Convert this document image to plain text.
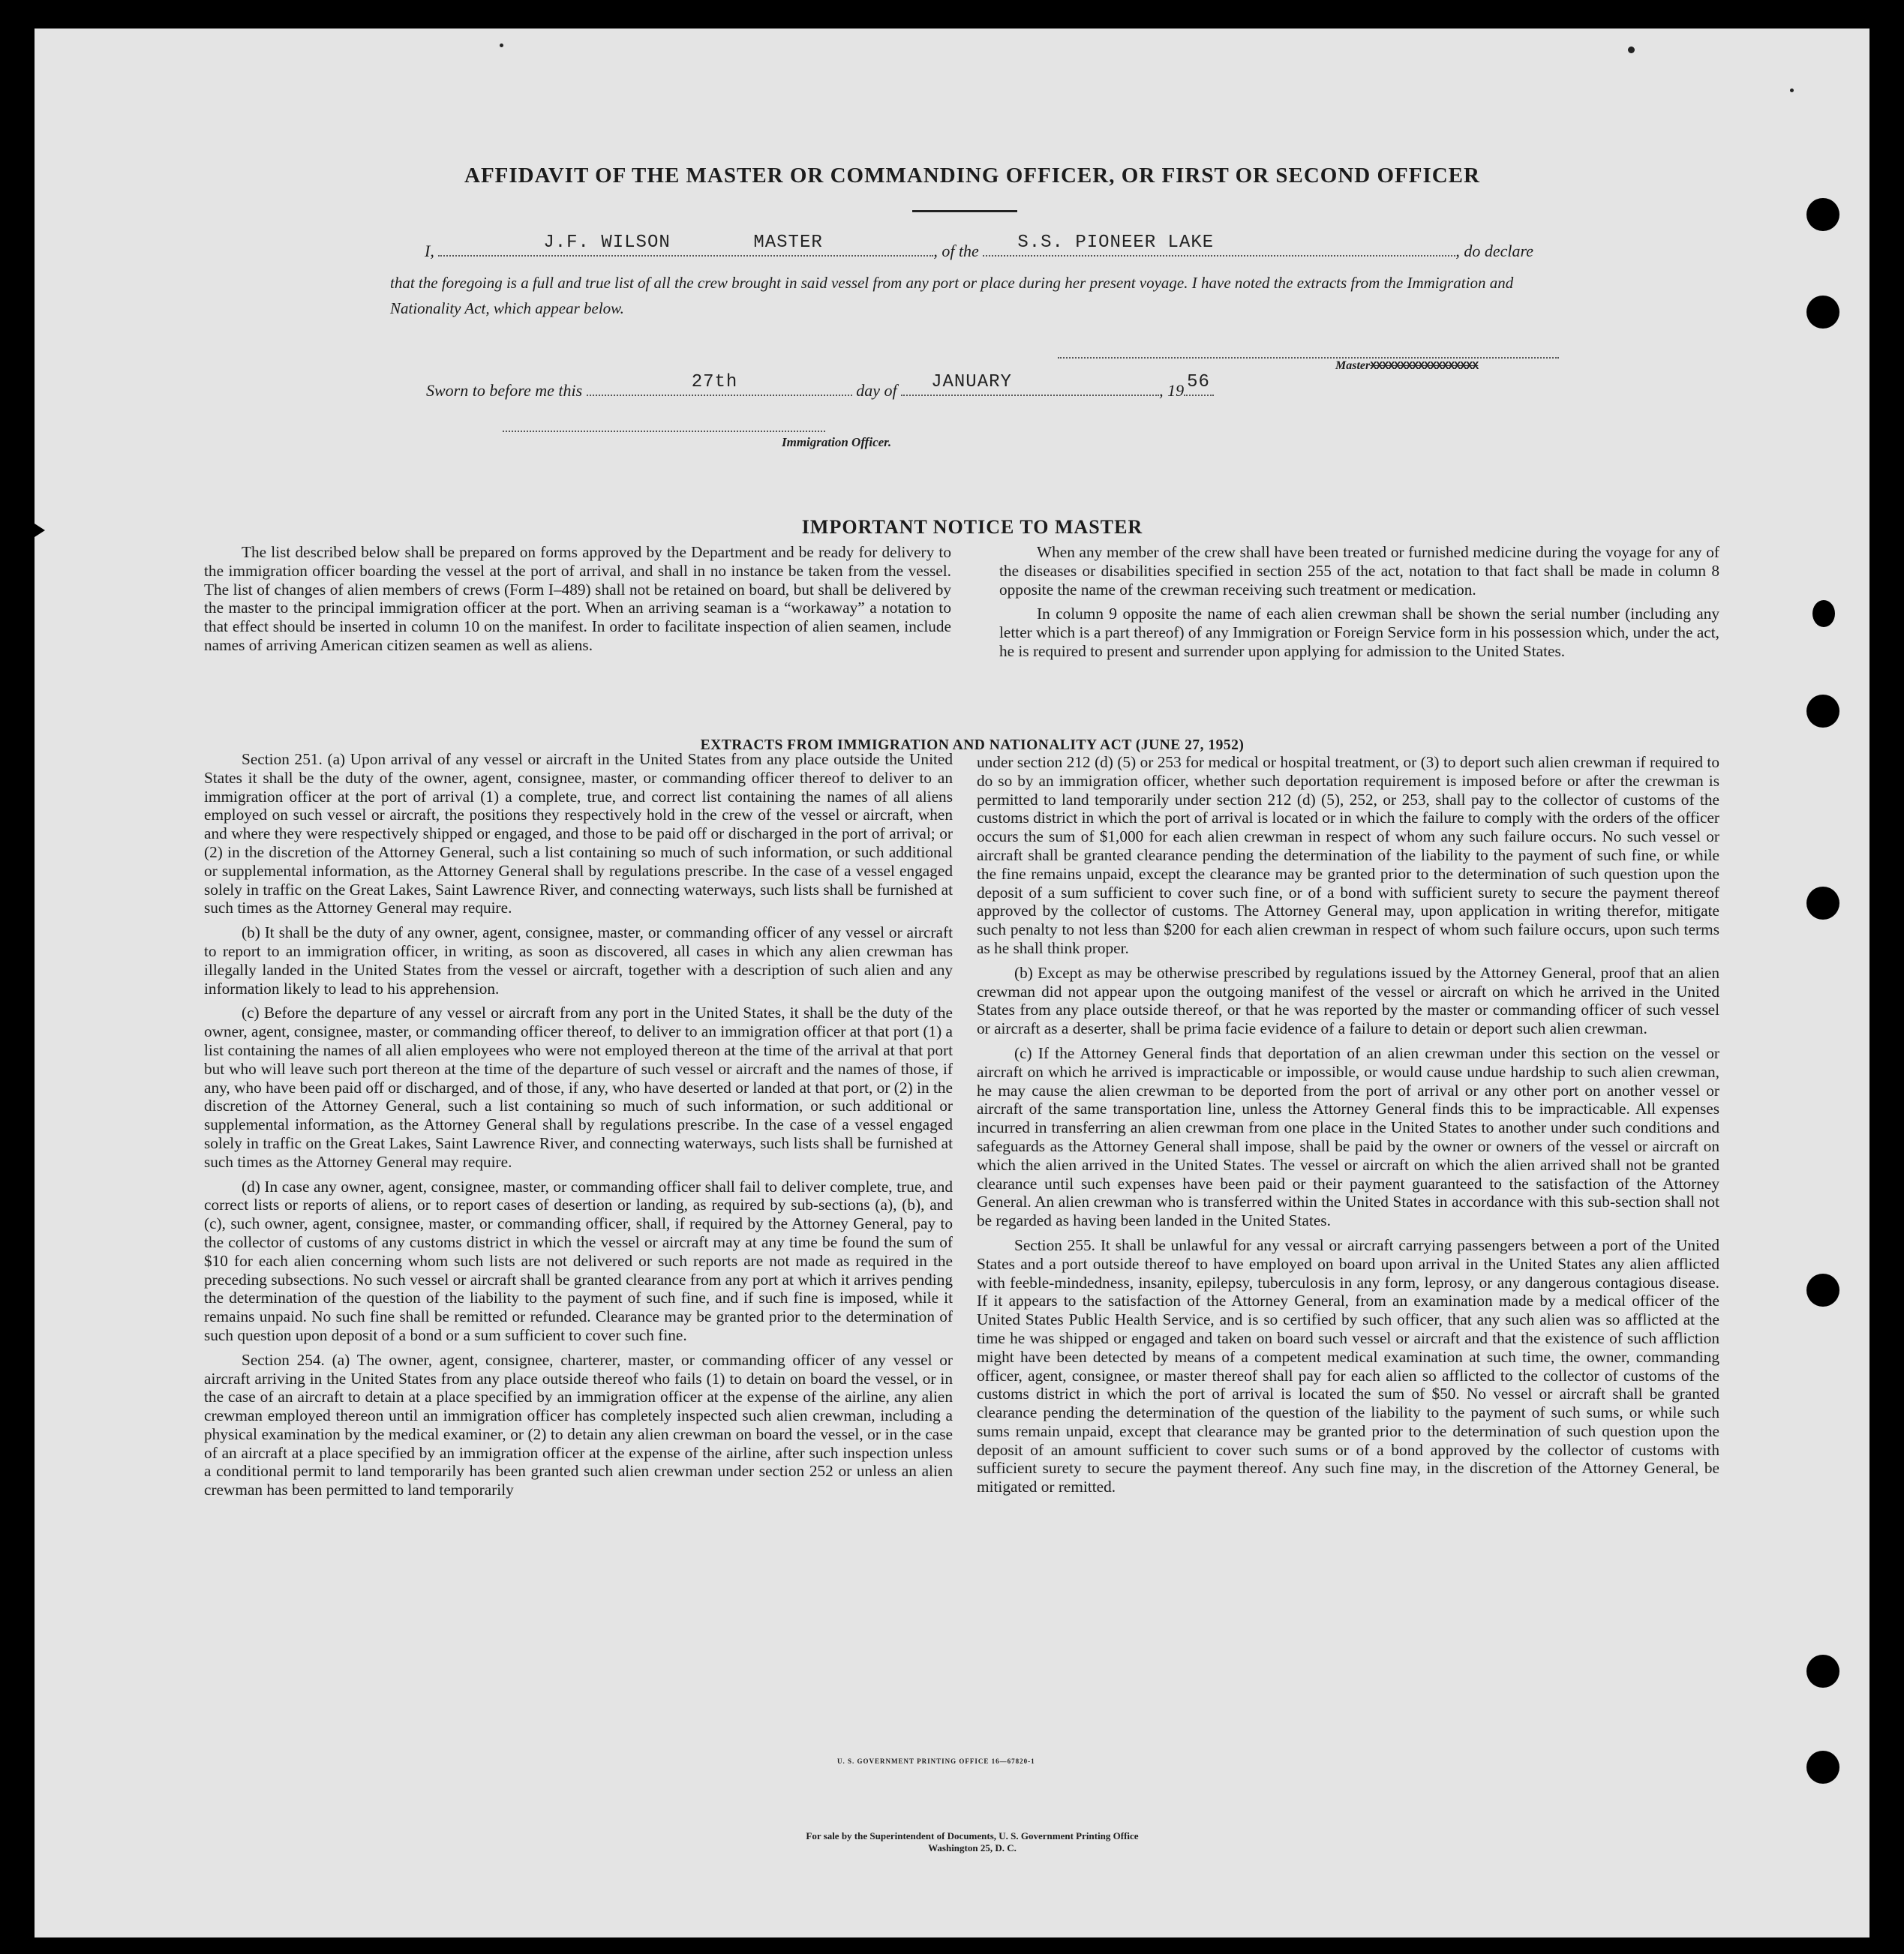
AFFIDAVIT OF THE MASTER OR COMMANDING OFFICER, OR FIRST OR SECOND OFFICER
I,	J.F. WILSON	MASTER	, of the S.S. PIONEER LAKE	, do declare
that the foregoing is a full and true list of all the crew brought in said vessel from any port or place during her present voyage. I have noted the extracts from the Immigration and Nationality Act, which appear below.
MasterXXXXXXXXXXXXXXXXXX
Sworn to before me this	27th	day of JANUARY	, 19 56
Immigration Officer.
IMPORTANT NOTICE TO MASTER

The list described below shall be prepared on forms approved by the Department and be ready for delivery to the immigration officer boarding the vessel at the port of arrival, and shall in no instance be taken from the vessel. The list of changes of alien members of crews (Form I–489) shall not be retained on board, but shall be delivered by the master to the principal immigration officer at the port. When an arriving seaman is a “workaway” a notation to that effect should be inserted in column 10 on the manifest. In order to facilitate inspection of alien seamen, include names of arriving American citizen seamen as well as aliens.

When any member of the crew shall have been treated or furnished medicine during the voyage for any of the diseases or disabilities specified in section 255 of the act, notation to that fact shall be made in column 8 opposite the name of the crewman receiving such treatment or medication.

In column 9 opposite the name of each alien crewman shall be shown the serial number (including any letter which is a part thereof) of any Immigration or Foreign Service form in his possession which, under the act, he is required to present and surrender upon applying for admission to the United States.

EXTRACTS FROM IMMIGRATION AND NATIONALITY ACT (JUNE 27, 1952)

Section 251. (a) Upon arrival of any vessel or aircraft in the United States from any place outside the United States it shall be the duty of the owner, agent, consignee, master, or commanding officer thereof to deliver to an immigration officer at the port of arrival (1) a complete, true, and correct list containing the names of all aliens employed on such vessel or aircraft, the positions they respectively hold in the crew of the vessel or aircraft, when and where they were respectively shipped or engaged, and those to be paid off or discharged in the port of arrival; or (2) in the discretion of the Attorney General, such a list containing so much of such information, or such additional or supplemental information, as the Attorney General shall by regulations prescribe. In the case of a vessel engaged solely in traffic on the Great Lakes, Saint Lawrence River, and connecting waterways, such lists shall be furnished at such times as the Attorney General may require.

(b) It shall be the duty of any owner, agent, consignee, master, or commanding officer of any vessel or aircraft to report to an immigration officer, in writing, as soon as discovered, all cases in which any alien crewman has illegally landed in the United States from the vessel or aircraft, together with a description of such alien and any information likely to lead to his apprehension.

(c) Before the departure of any vessel or aircraft from any port in the United States, it shall be the duty of the owner, agent, consignee, master, or commanding officer thereof, to deliver to an immigration officer at that port (1) a list containing the names of all alien employees who were not employed thereon at the time of the arrival at that port but who will leave such port thereon at the time of the departure of such vessel or aircraft and the names of those, if any, who have been paid off or discharged, and of those, if any, who have deserted or landed at that port, or (2) in the discretion of the Attorney General, such a list containing so much of such information, or such additional or supplemental information, as the Attorney General shall by regulations prescribe. In the case of a vessel engaged solely in traffic on the Great Lakes, Saint Lawrence River, and connecting waterways, such lists shall be furnished at such times as the Attorney General may require.

(d) In case any owner, agent, consignee, master, or commanding officer shall fail to deliver complete, true, and correct lists or reports of aliens, or to report cases of desertion or landing, as required by sub-sections (a), (b), and (c), such owner, agent, consignee, master, or commanding officer, shall, if required by the Attorney General, pay to the collector of customs of any customs district in which the vessel or aircraft may at any time be found the sum of $10 for each alien concerning whom such lists are not delivered or such reports are not made as required in the preceding subsections. No such vessel or aircraft shall be granted clearance from any port at which it arrives pending the determination of the question of the liability to the payment of such fine, and if such fine is imposed, while it remains unpaid. No such fine shall be remitted or refunded. Clearance may be granted prior to the determination of such question upon deposit of a bond or a sum sufficient to cover such fine.

Section 254. (a) The owner, agent, consignee, charterer, master, or commanding officer of any vessel or aircraft arriving in the United States from any place outside thereof who fails (1) to detain on board the vessel, or in the case of an aircraft to detain at a place specified by an immigration officer at the expense of the airline, any alien crewman employed thereon until an immigration officer has completely inspected such alien crewman, including a physical examination by the medical examiner, or (2) to detain any alien crewman on board the vessel, or in the case of an aircraft at a place specified by an immigration officer at the expense of the airline, after such inspection unless a conditional permit to land temporarily has been granted such alien crewman under section 252 or unless an alien crewman has been permitted to land temporarily

under section 212 (d) (5) or 253 for medical or hospital treatment, or (3) to deport such alien crewman if required to do so by an immigration officer, whether such deportation requirement is imposed before or after the crewman is permitted to land temporarily under section 212 (d) (5), 252, or 253, shall pay to the collector of customs of the customs district in which the port of arrival is located or in which the failure to comply with the orders of the officer occurs the sum of $1,000 for each alien crewman in respect of whom any such failure occurs. No such vessel or aircraft shall be granted clearance pending the determination of the liability to the payment of such fine, or while the fine remains unpaid, except the clearance may be granted prior to the determination of such question upon the deposit of a sum sufficient to cover such fine, or of a bond with sufficient surety to secure the payment thereof approved by the collector of customs. The Attorney General may, upon application in writing therefor, mitigate such penalty to not less than $200 for each alien crewman in respect of whom such failure occurs, upon such terms as he shall think proper.

(b) Except as may be otherwise prescribed by regulations issued by the Attorney General, proof that an alien crewman did not appear upon the outgoing manifest of the vessel or aircraft on which he arrived in the United States from any place outside thereof, or that he was reported by the master or commanding officer of such vessel or aircraft as a deserter, shall be prima facie evidence of a failure to detain or deport such alien crewman.

(c) If the Attorney General finds that deportation of an alien crewman under this section on the vessel or aircraft on which he arrived is impracticable or impossible, or would cause undue hardship to such alien crewman, he may cause the alien crewman to be deported from the port of arrival or any other port on another vessel or aircraft of the same transportation line, unless the Attorney General finds this to be impracticable. All expenses incurred in transferring an alien crewman from one place in the United States to another under such conditions and safeguards as the Attorney General shall impose, shall be paid by the owner or owners of the vessel or aircraft on which the alien arrived in the United States. The vessel or aircraft on which the alien arrived shall not be granted clearance until such expenses have been paid or their payment guaranteed to the satisfaction of the Attorney General. An alien crewman who is transferred within the United States in accordance with this sub-section shall not be regarded as having been landed in the United States.

Section 255. It shall be unlawful for any vessal or aircraft carrying passengers between a port of the United States and a port outside thereof to have employed on board upon arrival in the United States any alien afflicted with feeble-mindedness, insanity, epilepsy, tuberculosis in any form, leprosy, or any dangerous contagious disease. If it appears to the satisfaction of the Attorney General, from an examination made by a medical officer of the United States Public Health Service, and is so certified by such officer, that any such alien was so afflicted at the time he was shipped or engaged and taken on board such vessel or aircraft and that the existence of such affliction might have been detected by means of a competent medical examination at such time, the owner, commanding officer, agent, consignee, or master thereof shall pay for each alien so afflicted to the collector of customs of the customs district in which the port of arrival is located the sum of $50. No vessel or aircraft shall be granted clearance pending the determination of the question of the liability to the payment of such sums, or while such sums remain unpaid, except that clearance may be granted prior to the determination of such question upon the deposit of an amount sufficient to cover such sums or of a bond approved by the collector of customs with sufficient surety to secure the payment thereof. Any such fine may, in the discretion of the Attorney General, be mitigated or remitted.

U. S. GOVERNMENT PRINTING OFFICE 16—67820-1
For sale by the Superintendent of Documents, U. S. Government Printing Office
Washington 25, D. C.
